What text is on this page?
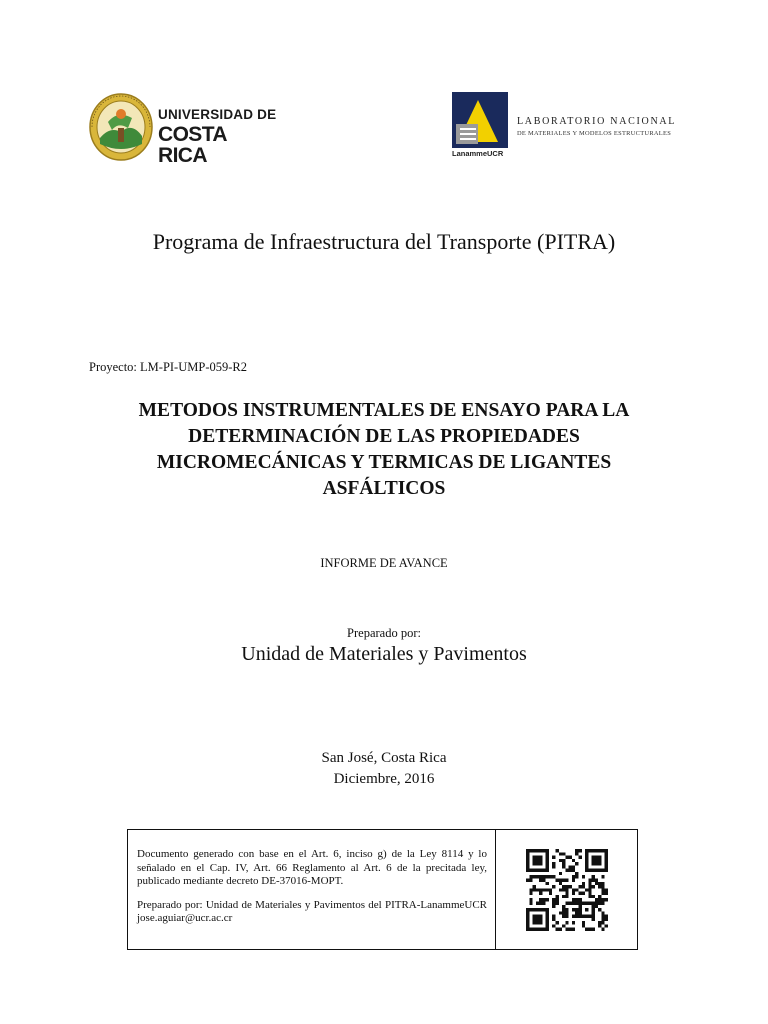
UNIVERSIDAD DE
COSTA RICA	LanammeUCR
LABORATORIO NACIONAL
DE MATERIALES Y MODELOS ESTRUCTURALES
Programa de Infraestructura del Transporte (PITRA)
Proyecto: LM-PI-UMP-059-R2
METODOS INSTRUMENTALES DE ENSAYO PARA LA
DETERMINACIÓN DE LAS PROPIEDADES
MICROMECÁNICAS Y TERMICAS DE LIGANTES
ASFÁLTICOS
INFORME DE AVANCE
Preparado por:
Unidad de Materiales y Pavimentos
San José, Costa Rica
Diciembre, 2016

Documento generado con base en el Art. 6, inciso g) de la Ley 8114 y lo señalado en el Cap. IV, Art. 66 Reglamento al Art. 6 de la precitada ley, publicado mediante decreto DE-37016-MOPT.

Preparado por: Unidad de Materiales y Pavimentos del PITRA-LanammeUCR jose.aguiar@ucr.ac.cr
